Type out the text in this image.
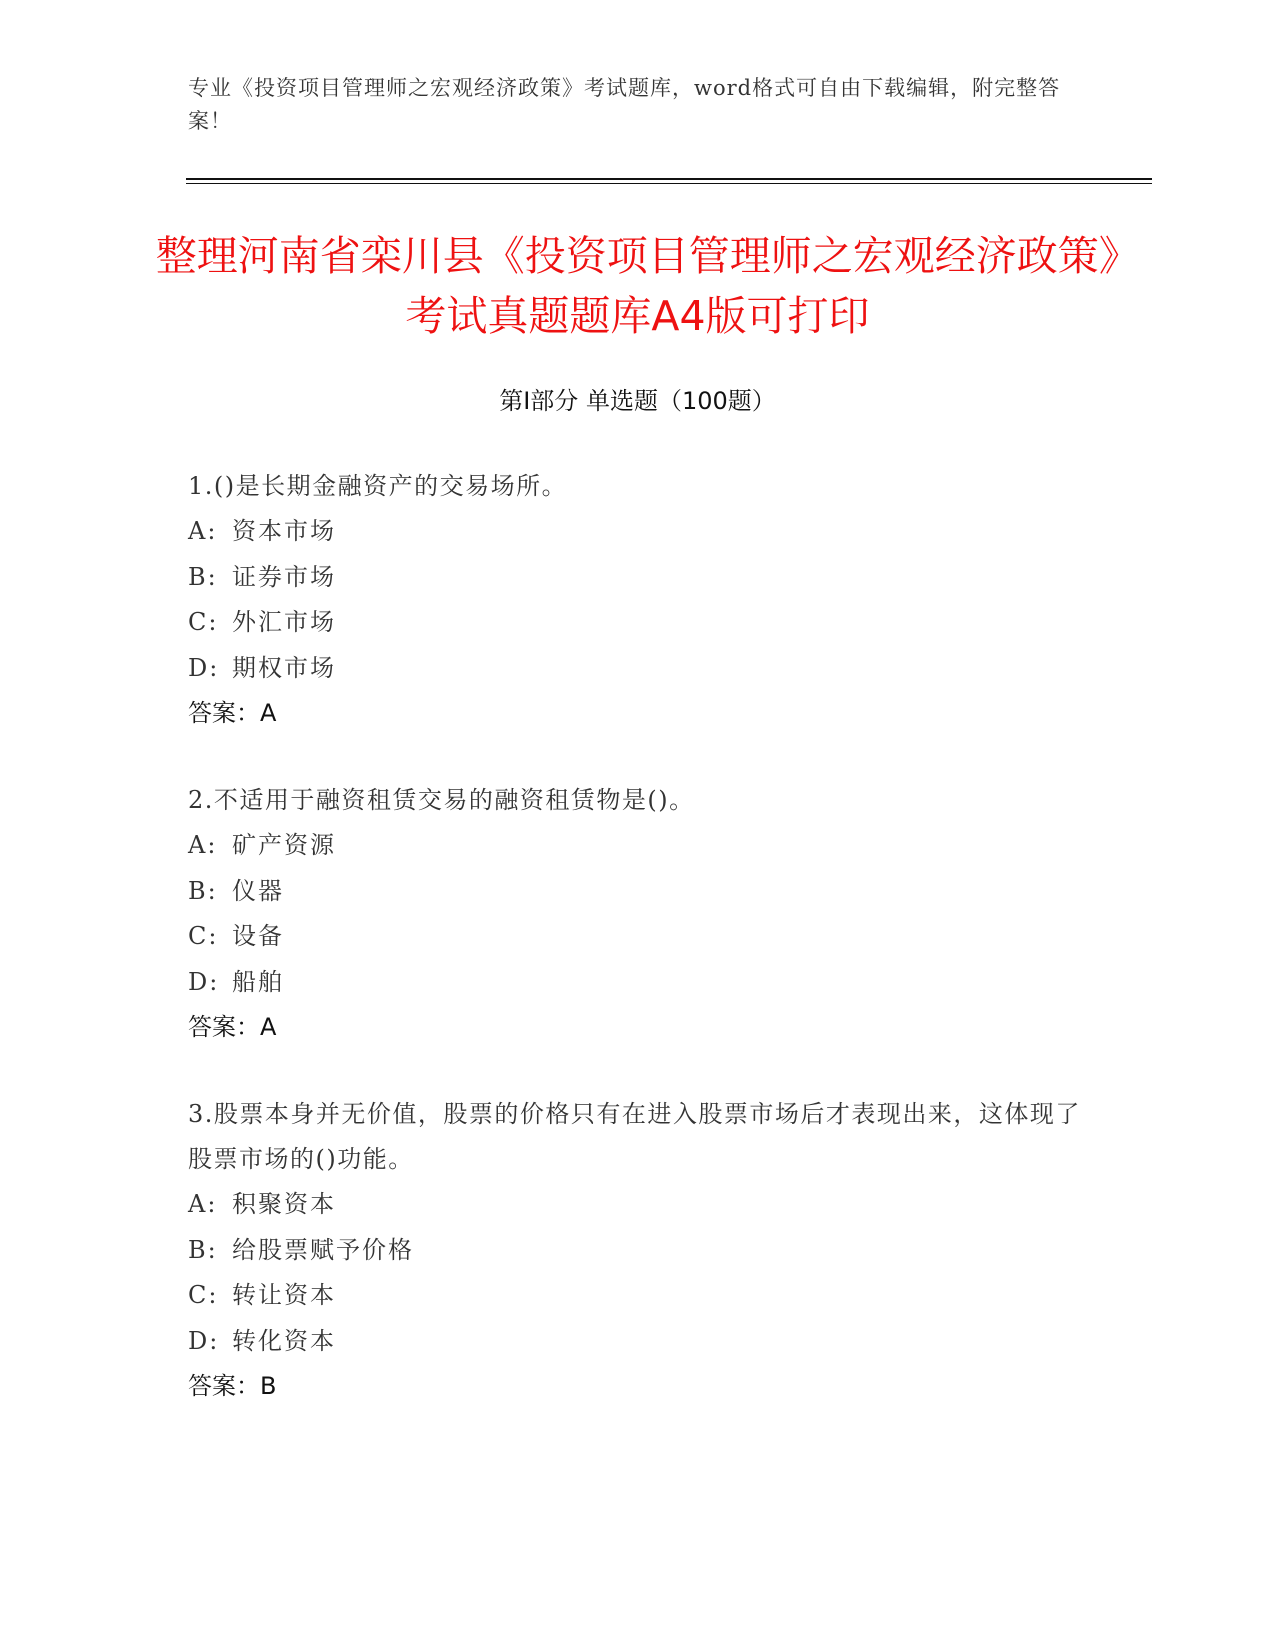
专业《投资项目管理师之宏观经济政策》考试题库，word格式可自由下载编辑，附完整答案！
整理河南省栾川县《投资项目管理师之宏观经济政策》考试真题题库A4版可打印
第Ⅰ部分 单选题（100题）
1.()是长期金融资产的交易场所。
A: 资本市场
B: 证券市场
C: 外汇市场
D: 期权市场
答案：A
2.不适用于融资租赁交易的融资租赁物是()。
A: 矿产资源
B: 仪器
C: 设备
D: 船舶
答案：A
3.股票本身并无价值，股票的价格只有在进入股票市场后才表现出来，这体现了股票市场的()功能。
A: 积聚资本
B: 给股票赋予价格
C: 转让资本
D: 转化资本
答案：B
